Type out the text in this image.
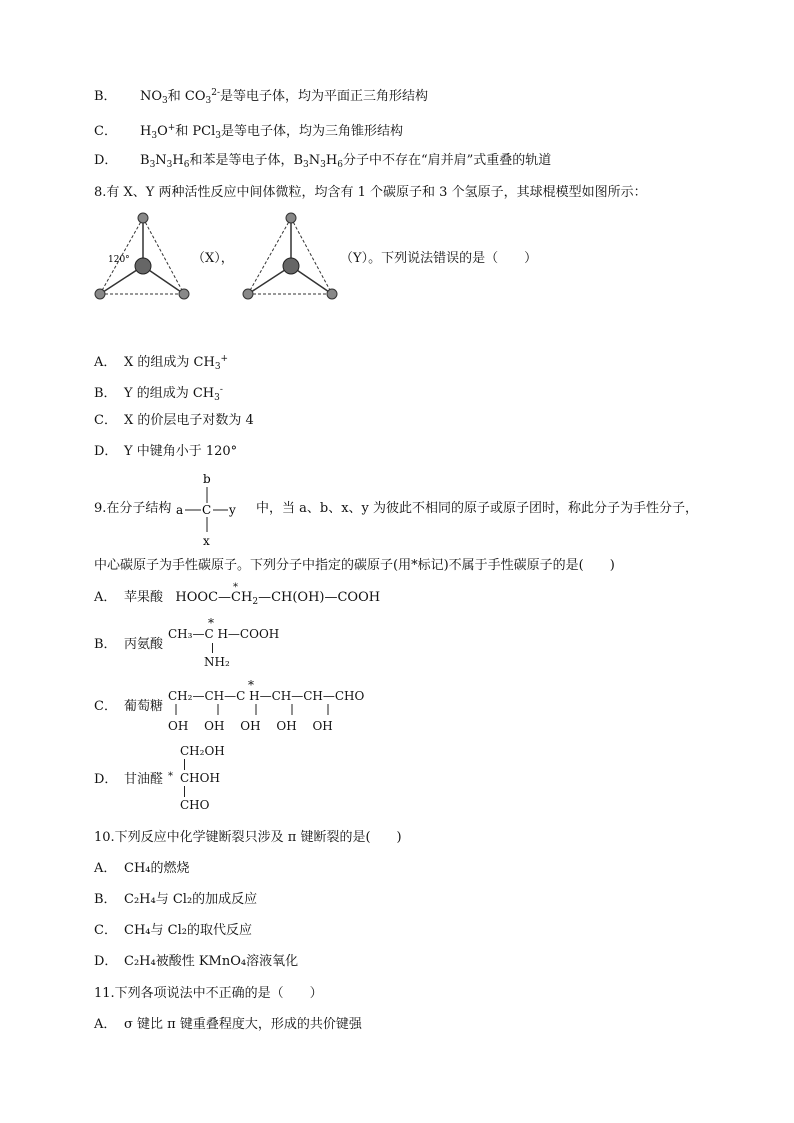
B． $NO_3$和 $CO_3^{2-}$是等电子体，均为平面正三角形结构
C． $H_3O^+$和 PCl$_3$是等电子体，均为三角锥形结构
D． $B_3N_3H_6$和苯是等电子体，$B_3N_3H_6$分子中不存在“肩并肩”式重叠的轨道
8.有 X、Y 两种活性反应中间体微粒，均含有 1 个碳原子和 3 个氢原子，其球棍模型如图所示：
120°	（X），	（Y）。下列说法错误的是（　　）
A． X 的组成为 $CH_3^+$
B． Y 的组成为 $CH_3^-$
C． X 的价层电子对数为 4
D． Y 中键角小于 120°
9.在分子结构
b
a C y
x
中，当 a、b、x、y 为彼此不相同的原子或原子团时，称此分子为手性分子，
中心碳原子为手性碳原子。下列分子中指定的碳原子(用*标记)不属于手性碳原子的是(　　)
A． 苹果酸 HOOC—
*
$CH_2—CH(OH)—COOH$
B． 丙氨酸
*
CH₃—C H—COOH
NH₂
C． 葡萄糖
*
CH₂—CH—C H—CH—CH—CHO
OH　 OH　 OH　 OH　 OH
D． 甘油醛 *
CH₂OH
CHOH
CHO
10.下列反应中化学键断裂只涉及 π 键断裂的是(　　)
A． CH₄的燃烧
B． C₂H₄与 Cl₂的加成反应
C． CH₄与 Cl₂的取代反应
D． C₂H₄被酸性 KMnO₄溶液氧化
11.下列各项说法中不正确的是（　　）
A． σ 键比 π 键重叠程度大，形成的共价键强
